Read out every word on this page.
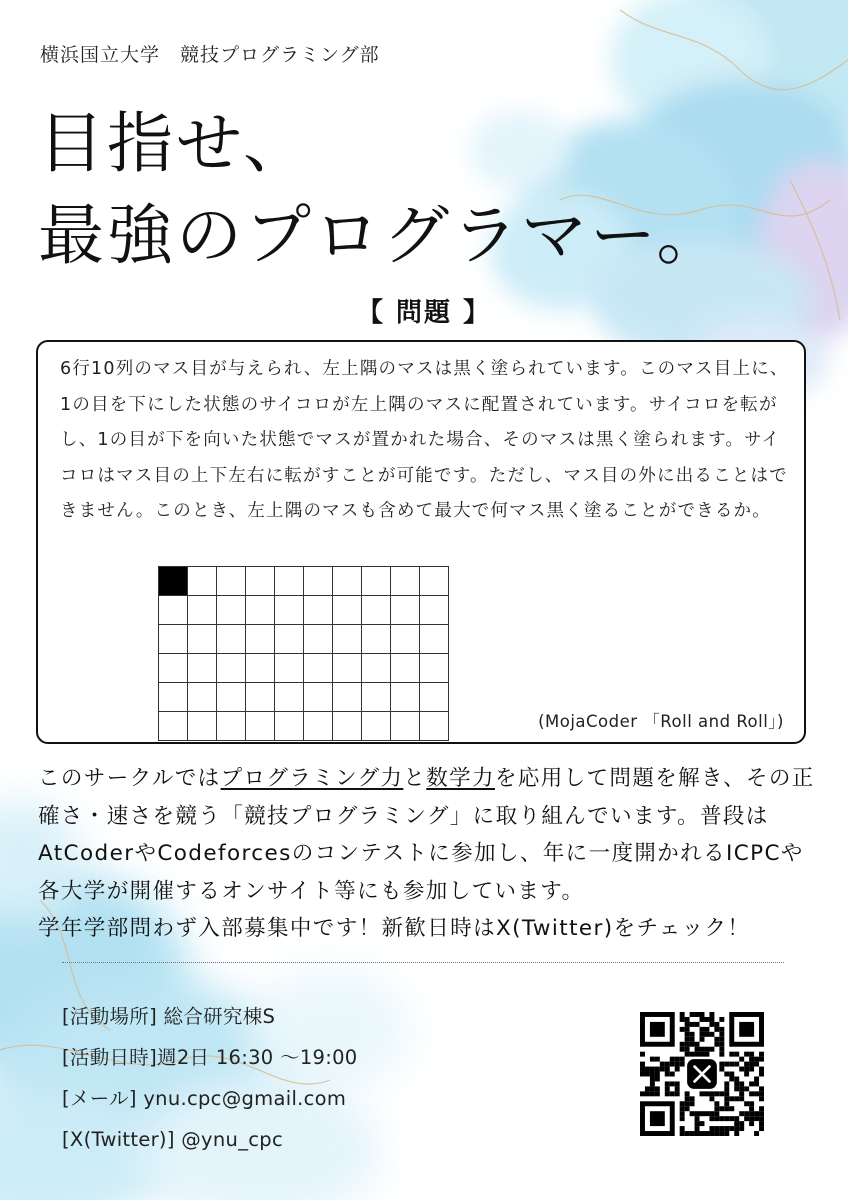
横浜国立大学　競技プログラミング部
目指せ、
最強のプログラマー。
【 問題 】
6行10列のマス目が与えられ、左上隅のマスは黒く塗られています。このマス目上に、1の目を下にした状態のサイコロが左上隅のマスに配置されています。サイコロを転がし、1の目が下を向いた状態でマスが置かれた場合、そのマスは黒く塗られます。サイコロはマス目の上下左右に転がすことが可能です。ただし、マス目の外に出ることはできません。このとき、左上隅のマスも含めて最大で何マス黒く塗ることができるか。
(MojaCoder 「Roll and Roll」)
このサークルではプログラミング力と数学力を応用して問題を解き、その正確さ・速さを競う「競技プログラミング」に取り組んでいます。普段はAtCoderやCodeforcesのコンテストに参加し、年に一度開かれるICPCや各大学が開催するオンサイト等にも参加しています。
学年学部問わず入部募集中です！新歓日時はX(Twitter)をチェック！
[活動場所] 総合研究棟S
[活動日時]週2日 16:30 ～19:00
[メール] ynu.cpc@gmail.com
[X(Twitter)] @ynu_cpc
